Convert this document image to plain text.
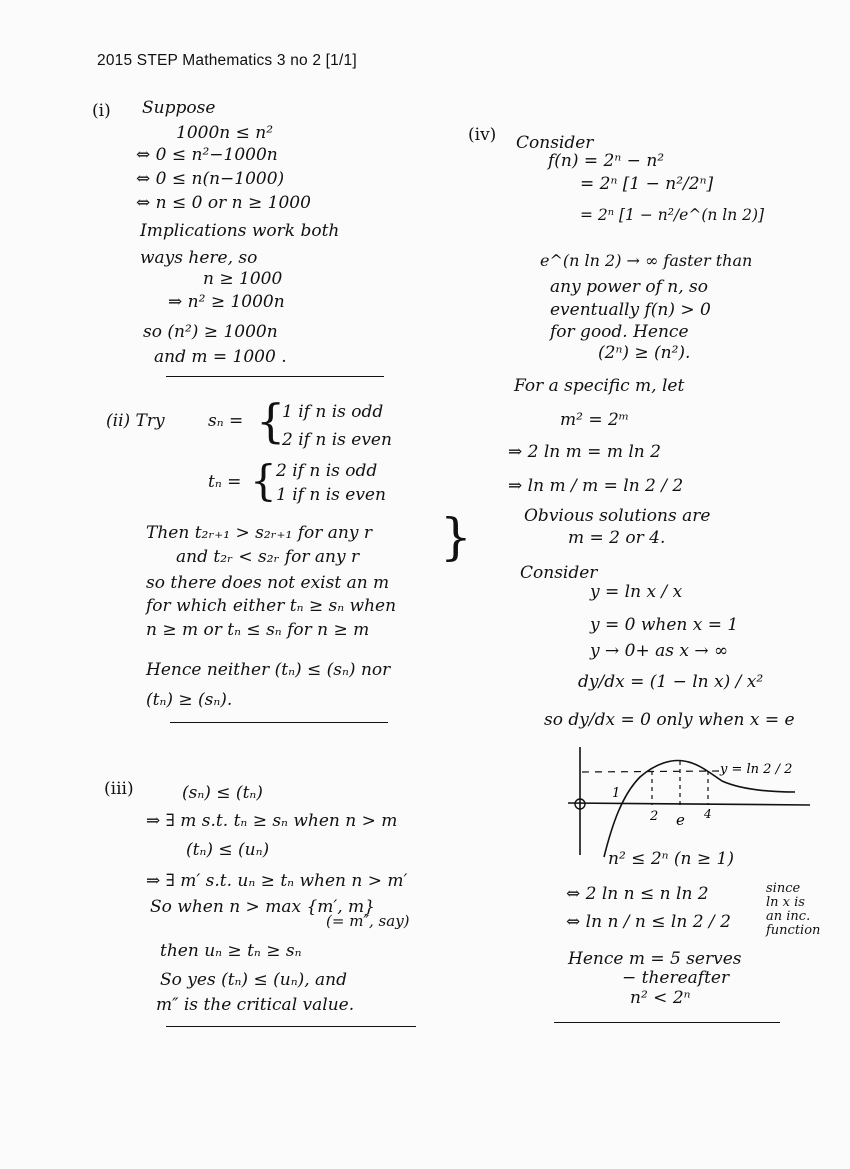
2015 STEP Mathematics 3 no 2 [1/1]
(i) Suppose
1000n ≤ n²
⇔ 0 ≤ n²−1000n
⇔ 0 ≤ n(n−1000)
⇔ n ≤ 0 or n ≥ 1000
Implications work both
ways here, so
n ≥ 1000
⇒ n² ≥ 1000n
so (n²) ≥ 1000n
and m = 1000 .
(ii) Try	sₙ = {
1 if n is odd
2 if n is even
tₙ = { 2 if n is odd
1 if n is even
Then t₂ᵣ₊₁ > s₂ᵣ₊₁ for any r }
and t₂ᵣ < s₂ᵣ for any r
so there does not exist an m
for which either tₙ ≥ sₙ when
n ≥ m or tₙ ≤ sₙ for n ≥ m
Hence neither (tₙ) ≤ (sₙ) nor
(tₙ) ≥ (sₙ).
(iii)	(sₙ) ≤ (tₙ)
⇒ ∃ m s.t. tₙ ≥ sₙ when n > m
(tₙ) ≤ (uₙ)
⇒ ∃ m′ s.t. uₙ ≥ tₙ when n > m′
So when n > max {m′, m}
(= m″, say)
then uₙ ≥ tₙ ≥ sₙ
So yes (tₙ) ≤ (uₙ), and
m″ is the critical value.
(iv) Consider
f(n) = 2ⁿ − n²
= 2ⁿ [1 − n²/2ⁿ]
= 2ⁿ [1 − n²/e^(n ln 2)]
e^(n ln 2) → ∞ faster than
any power of n, so
eventually f(n) > 0
for good. Hence
(2ⁿ) ≥ (n²).
For a specific m, let
m² = 2ᵐ
⇒ 2 ln m = m ln 2
⇒ ln m / m = ln 2 / 2
Obvious solutions are
m = 2 or 4.
Consider
y = ln x / x
y = 0 when x = 1
y → 0+ as x → ∞
dy/dx = (1 − ln x) / x²
so dy/dx = 0 only when x = e
1
2 e 4
y = ln 2 / 2
n² ≤ 2ⁿ (n ≥ 1)
⇔ 2 ln n ≤ n ln 2	since
ln x is
an inc.
function
⇔ ln n / n ≤ ln 2 / 2
Hence m = 5 serves
− thereafter
n² < 2ⁿ
